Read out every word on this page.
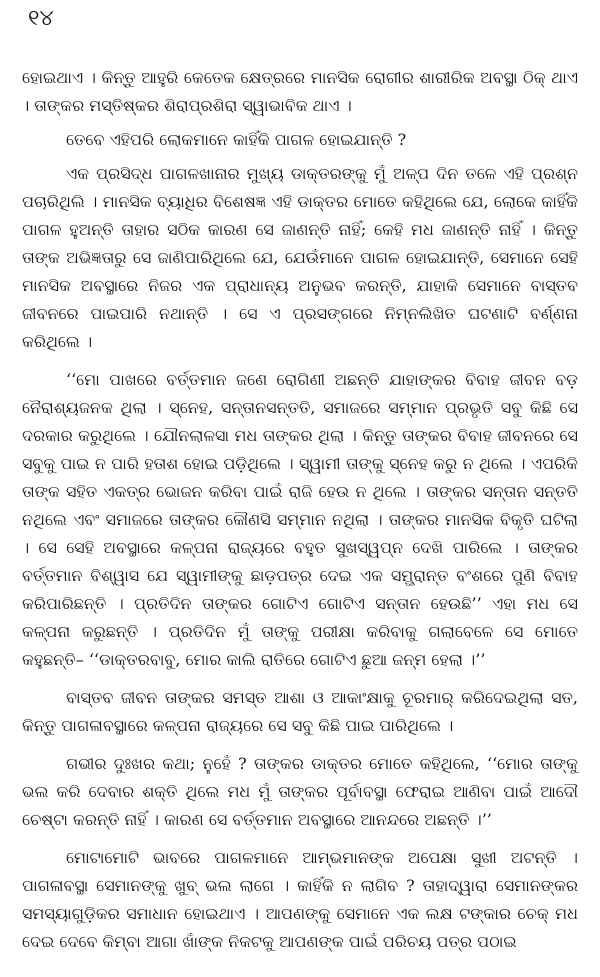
୧୪

ହୋଇଥାଏ । କିନ୍ତୁ ଆହୁରି କେତେକ କ୍ଷେତ୍ରରେ ମାନସିକ ରୋଗୀର ଶାରୀରିକ ଅବସ୍ଥା ଠିକ୍ ଥାଏ । ତାଙ୍କର ମସ୍ତିଷ୍କର ଶିରାପ୍ରଶିରା ସ୍ୱାଭାବିକ ଥାଏ ।

ତେବେ ଏହିପରି ଲୋକମାନେ କାହିଁକି ପାଗଳ ହୋଇଯାନ୍ତି ?

ଏକ ପ୍ରସିଦ୍ଧ ପାଗଳଖାନାର ମୁଖ୍ୟ ଡାକ୍ତରଙ୍କୁ ମୁଁ ଅଳ୍ପ ଦିନ ତଳେ ଏହି ପ୍ରଶ୍ନ ପଚାରିଥିଲି । ମାନସିକ ବ୍ୟାଧିର ବିଶେଷଜ୍ଞ ଏହି ଡାକ୍ତର ମୋତେ କହିଥିଲେ ଯେ, ଲୋକେ କାହିଁକି ପାଗଳ ହୁଅନ୍ତି ତାହାର ସଠିକ କାରଣ ସେ ଜାଣନ୍ତି ନାହିଁ; କେହି ମଧ ଜାଣନ୍ତି ନାହିଁ । କିନ୍ତୁ ତାଙ୍କ ଅଭିଜ୍ଞତାରୁ ସେ ଜାଣିପାରିଥିଲେ ଯେ, ଯେଉଁମାନେ ପାଗଳ ହୋଇଯାନ୍ତି, ସେମାନେ ସେହି ମାନସିକ ଅବସ୍ଥାରେ ନିଜର ଏକ ପ୍ରାଧାନ୍ୟ ଅନୁଭବ କରନ୍ତି, ଯାହାକି ସେମାନେ ବାସ୍ତବ ଜୀବନରେ ପାଇପାରି ନଥାନ୍ତି । ସେ ଏ ପ୍ରସଙ୍ଗରେ ନିମ୍ନଲିଖିତ ଘଟଣାଟି ବର୍ଣ୍ଣନା କରିଥିଲେ ।

‘‘ମୋ ପାଖରେ ବର୍ତ୍ତମାନ ଜଣେ ରୋଗିଣୀ ଅଛନ୍ତି ଯାହାଙ୍କର ବିବାହ ଜୀବନ ବଡ଼ ନୈରାଶ୍ୟଜନକ ଥିଲା । ସ୍ନେହ, ସନ୍ତାନସନ୍ତତି, ସମାଜରେ ସମ୍ମାନ ପ୍ରଭୃତି ସବୁ କିଛି ସେ ଦରକାର କରୁଥିଲେ । ଯୌନଲାଳସା ମଧ ତାଙ୍କର ଥିଲା । କିନ୍ତୁ ତାଙ୍କର ବିବାହ ଜୀବନରେ ସେ ସବୁକୁ ପାଇ ନ ପାରି ହତାଶ ହୋଇ ପଡ଼ିଥିଲେ । ସ୍ୱାମୀ ତାଙ୍କୁ ସ୍ନେହ କରୁ ନ ଥିଲେ । ଏପରିକି ତାଙ୍କ ସହିତ ଏକତ୍ର ଭୋଜନ କରିବା ପାଇଁ ରାଜି ହେଉ ନ ଥିଲେ । ତାଙ୍କର ସନ୍ତାନ ସନ୍ତତି ନଥିଲେ ଏବଂ ସମାଜରେ ତାଙ୍କର କୌଣସି ସମ୍ମାନ ନଥିଲା । ତାଙ୍କର ମାନସିକ ବିକୃତି ଘଟିଲା । ସେ ସେହି ଅବସ୍ଥାରେ କଳ୍ପନା ରାଜ୍ୟରେ ବହୁତ ସୁଖସ୍ୱପ୍ନ ଦେଖି ପାରିଲେ । ତାଙ୍କର ବର୍ତ୍ତମାନ ବିଶ୍ୱାସ ଯେ ସ୍ୱାମୀଙ୍କୁ ଛାଡ଼ପତ୍ର ଦେଇ ଏକ ସମ୍ଭ୍ରାନ୍ତ ବଂଶରେ ପୁଣି ବିବାହ କରିପାରିଛନ୍ତି । ପ୍ରତିଦିନ ତାଙ୍କର ଗୋଟିଏ ଗୋଟିଏ ସନ୍ତାନ ହେଉଛି’’ ଏହା ମଧ ସେ କଳ୍ପନା କରୁଛନ୍ତି । ପ୍ରତିଦିନ ମୁଁ ତାଙ୍କୁ ପରୀକ୍ଷା କରିବାକୁ ଗଲାବେଳେ ସେ ମୋତେ କହୁଛନ୍ତି– ‘‘ଡାକ୍ତରବାବୁ, ମୋର କାଲି ରାତିରେ ଗୋଟିଏ ଛୁଆ ଜନ୍ମ ହେଲା ।’’

ବାସ୍ତବ ଜୀବନ ତାଙ୍କର ସମସ୍ତ ଆଶା ଓ ଆକାଂକ୍ଷାକୁ ଚୂରମାର୍ କରିଦେଇଥିଲା ସତ, କିନ୍ତୁ ପାଗଳାବସ୍ଥାରେ କଳ୍ପନା ରାଜ୍ୟରେ ସେ ସବୁ କିଛି ପାଇ ପାରିଥିଲେ ।

ଗଭୀର ଦୁଃଖର କଥା; ନୁହେଁ ? ତାଙ୍କର ଡାକ୍ତର ମୋତେ କହିଥିଲେ, ‘‘ମୋର ତାଙ୍କୁ ଭଲ କରି ଦେବାର ଶକ୍ତି ଥିଲେ ମଧ ମୁଁ ତାଙ୍କର ପୂର୍ବାବସ୍ଥା ଫେରାଇ ଆଣିବା ପାଇଁ ଆଦୌ ଚେଷ୍ଟା କରନ୍ତି ନାହିଁ । କାରଣ ସେ ବର୍ତ୍ତମାନ ଅବସ୍ଥାରେ ଆନନ୍ଦରେ ଅଛନ୍ତି ।’’

ମୋଟାମୋଟି ଭାବରେ ପାଗଳମାନେ ଆମ୍ଭମାନଙ୍କ ଅପେକ୍ଷା ସୁଖୀ ଅଟନ୍ତି । ପାଗଳାବସ୍ଥା ସେମାନଙ୍କୁ ଖୁବ୍ ଭଲ ଲାଗେ । କାହିଁକି ନ ଲାଗିବ ? ତାହାଦ୍ୱାରା ସେମାନଙ୍କର ସମସ୍ୟାଗୁଡ଼ିକର ସମାଧାନ ହୋଇଥାଏ । ଆପଣଙ୍କୁ ସେମାନେ ଏକ ଲକ୍ଷ ଟଙ୍କାର ଚେକ୍ ମଧ ଦେଇ ଦେବେ କିମ୍ବା ଆଗା ଖାଁଙ୍କ ନିକଟକୁ ଆପଣଙ୍କ ପାଇଁ ପରିଚୟ ପତ୍ର ପଠାଇ
